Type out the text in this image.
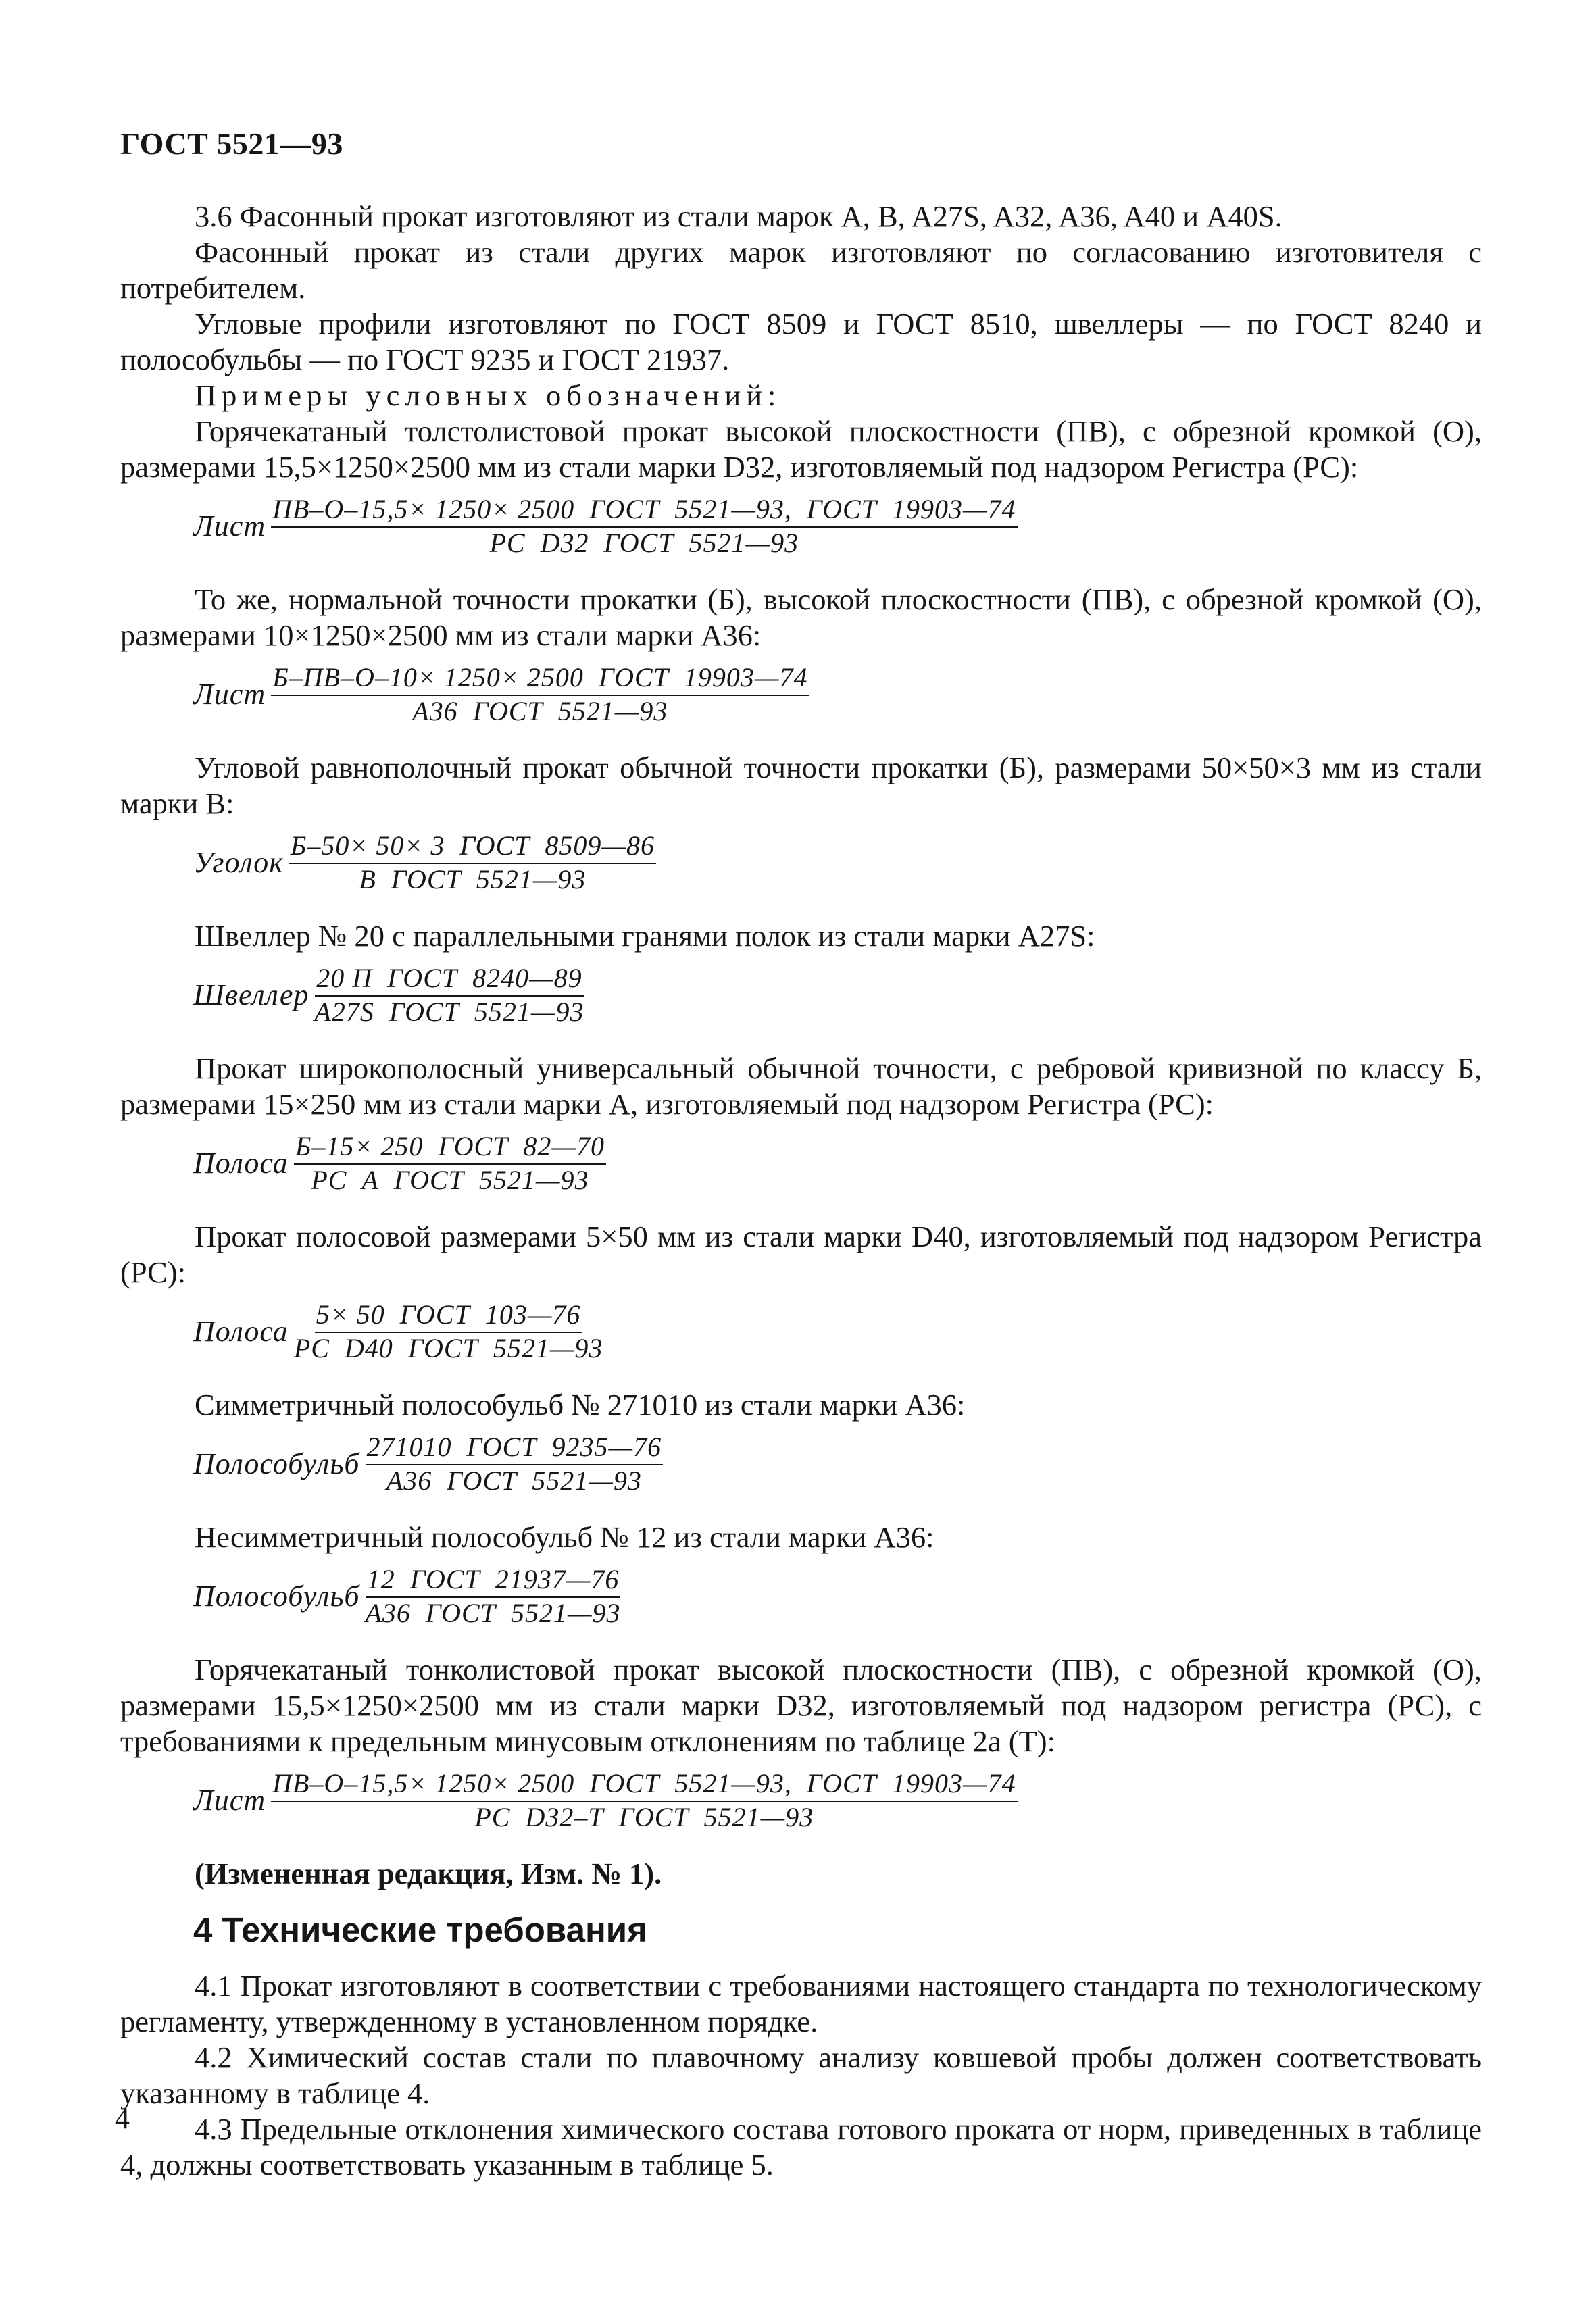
ГОСТ 5521—93

3.6 Фасонный прокат изготовляют из стали марок A, B, A27S, A32, A36, A40 и A40S.

Фасонный прокат из стали других марок изготовляют по согласованию изготовителя с потребителем.

Угловые профили изготовляют по ГОСТ 8509 и ГОСТ 8510, швеллеры — по ГОСТ 8240 и полособульбы — по ГОСТ 9235 и ГОСТ 21937.

Примеры условных обозначений:

Горячекатаный толстолистовой прокат высокой плоскостности (ПВ), с обрезной кромкой (О), размерами 15,5×1250×2500 мм из стали марки D32, изготовляемый под надзором Регистра (РС):

Лист $\frac{\text{ПВ–О–15,5× 1250× 2500  ГОСТ  5521—93,  ГОСТ  19903—74}}{\text{РС  D32  ГОСТ  5521—93}}$

То же, нормальной точности прокатки (Б), высокой плоскостности (ПВ), с обрезной кромкой (О), размерами 10×1250×2500 мм из стали марки A36:

Лист $\frac{\text{Б–ПВ–О–10× 1250× 2500  ГОСТ  19903—74}}{\text{A36  ГОСТ  5521—93}}$

Угловой равнополочный прокат обычной точности прокатки (Б), размерами 50×50×3 мм из стали марки B:

Уголок $\frac{\text{Б–50× 50× 3  ГОСТ  8509—86}}{\text{B  ГОСТ  5521—93}}$

Швеллер № 20 с параллельными гранями полок из стали марки A27S:

Швеллер $\frac{\text{20 П  ГОСТ  8240—89}}{\text{A27S  ГОСТ  5521—93}}$

Прокат широкополосный универсальный обычной точности, с ребровой кривизной по классу Б, размерами 15×250 мм из стали марки А, изготовляемый под надзором Регистра (РС):

Полоса $\frac{\text{Б–15× 250  ГОСТ  82—70}}{\text{РС  А  ГОСТ  5521—93}}$

Прокат полосовой размерами 5×50 мм из стали марки D40, изготовляемый под надзором Регистра (РС):

Полоса $\frac{\text{5× 50  ГОСТ  103—76}}{\text{РС  D40  ГОСТ  5521—93}}$

Симметричный полособульб № 271010 из стали марки A36:

Полособульб $\frac{\text{271010  ГОСТ  9235—76}}{\text{A36  ГОСТ  5521—93}}$

Несимметричный полособульб № 12 из стали марки A36:

Полособульб $\frac{\text{12  ГОСТ  21937—76}}{\text{A36  ГОСТ  5521—93}}$

Горячекатаный тонколистовой прокат высокой плоскостности (ПВ), с обрезной кромкой (О), размерами 15,5×1250×2500 мм из стали марки D32, изготовляемый под надзором регистра (РС), с требованиями к предельным минусовым отклонениям по таблице 2а (Т):

Лист $\frac{\text{ПВ–О–15,5× 1250× 2500  ГОСТ  5521—93,  ГОСТ  19903—74}}{\text{РС  D32–Т  ГОСТ  5521—93}}$
(Измененная редакция, Изм. № 1).
4 Технические требования

4.1 Прокат изготовляют в соответствии с требованиями настоящего стандарта по технологическому регламенту, утвержденному в установленном порядке.

4.2 Химический состав стали по плавочному анализу ковшевой пробы должен соответствовать указанному в таблице 4.

4.3 Предельные отклонения химического состава готового проката от норм, приведенных в таблице 4, должны соответствовать указанным в таблице 5.

4
